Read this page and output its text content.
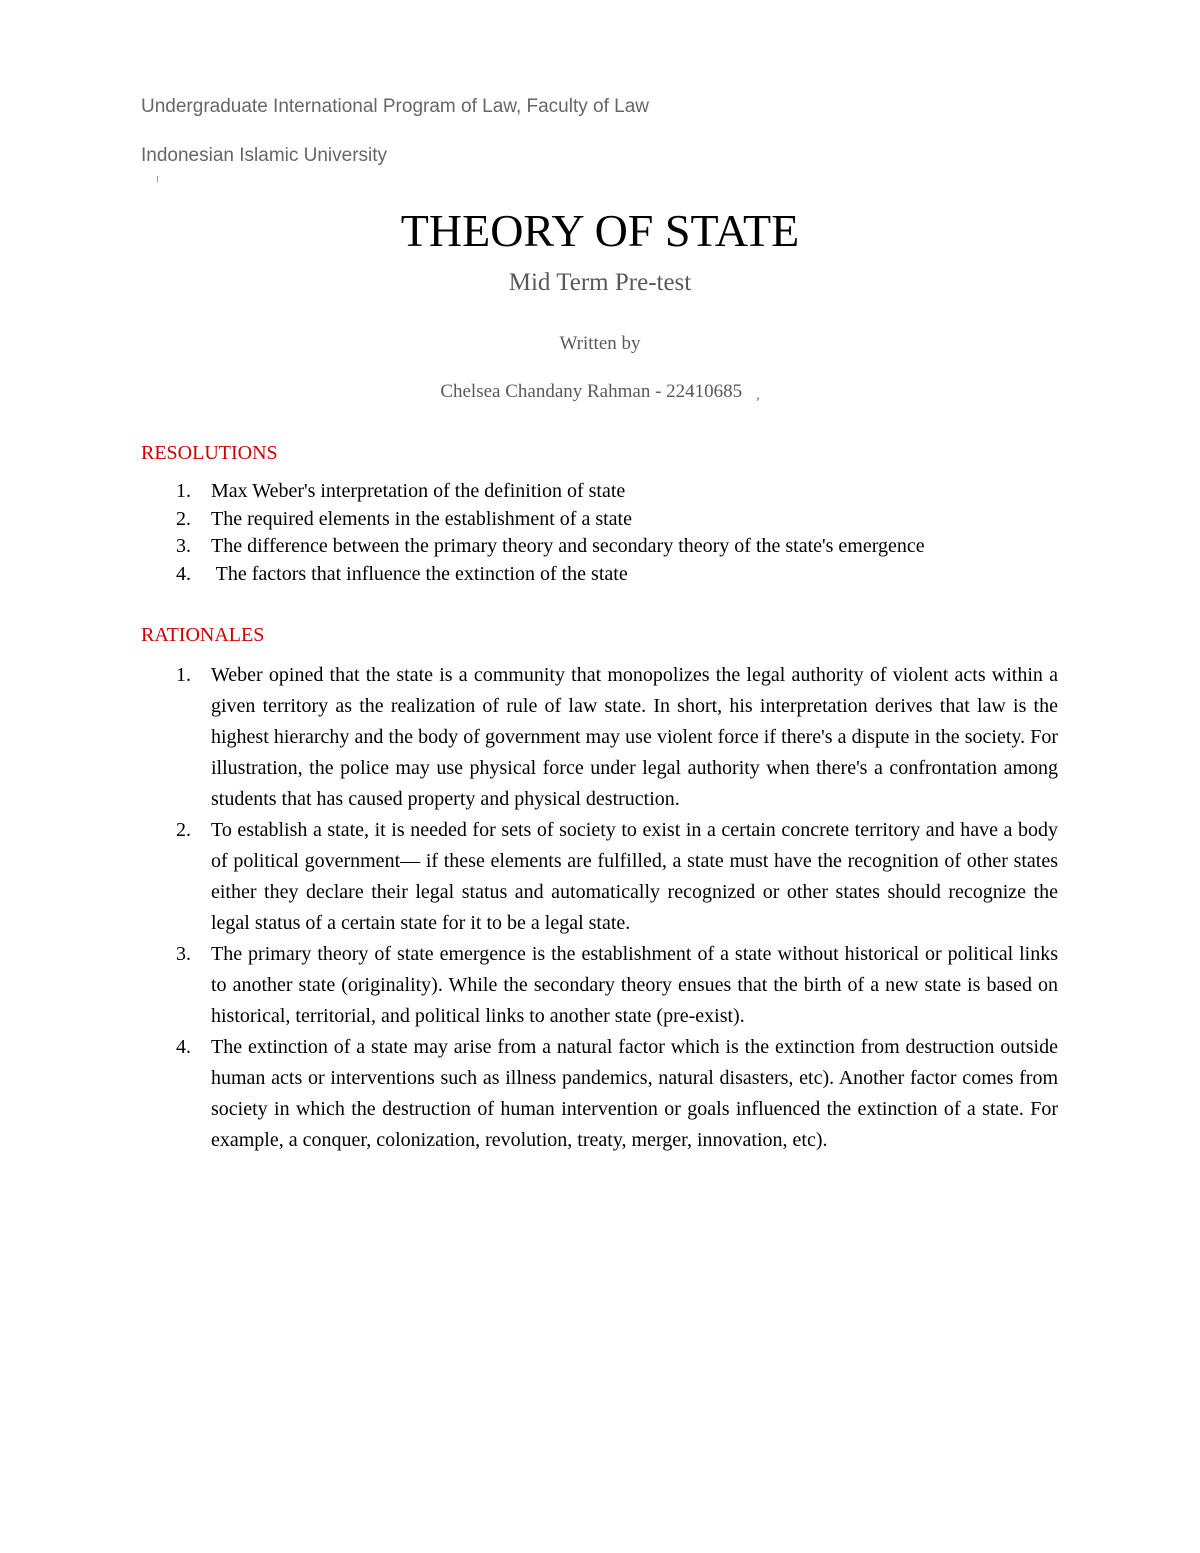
Undergraduate International Program of Law, Faculty of Law
Indonesian Islamic University
THEORY OF STATE
Mid Term Pre-test
Written by
Chelsea Chandany Rahman - 22410685 ,
RESOLUTIONS
1. Max Weber's interpretation of the definition of state
2. The required elements in the establishment of a state
3. The difference between the primary theory and secondary theory of the state's emergence
4. The factors that influence the extinction of the state
RATIONALES
1. Weber opined that the state is a community that monopolizes the legal authority of violent acts within a given territory as the realization of rule of law state. In short, his interpretation derives that law is the highest hierarchy and the body of government may use violent force if there's a dispute in the society. For illustration, the police may use physical force under legal authority when there's a confrontation among students that has caused property and physical destruction.
2. To establish a state, it is needed for sets of society to exist in a certain concrete territory and have a body of political government— if these elements are fulfilled, a state must have the recognition of other states either they declare their legal status and automatically recognized or other states should recognize the legal status of a certain state for it to be a legal state.
3. The primary theory of state emergence is the establishment of a state without historical or political links to another state (originality). While the secondary theory ensues that the birth of a new state is based on historical, territorial, and political links to another state (pre-exist).
4. The extinction of a state may arise from a natural factor which is the extinction from destruction outside human acts or interventions such as illness pandemics, natural disasters, etc). Another factor comes from society in which the destruction of human intervention or goals influenced the extinction of a state. For example, a conquer, colonization, revolution, treaty, merger, innovation, etc).
